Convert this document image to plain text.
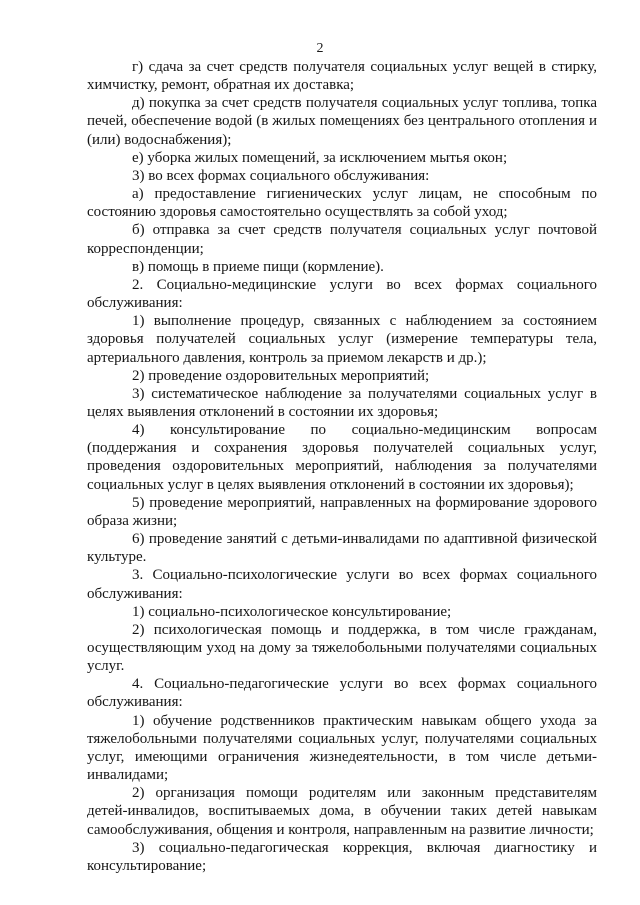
2

г) сдача за счет средств получателя социальных услуг вещей в стирку, химчистку, ремонт, обратная их доставка;

д) покупка за счет средств получателя социальных услуг топлива, топка печей, обеспечение водой (в жилых помещениях без центрального отопления и (или) водоснабжения);

е) уборка жилых помещений, за исключением мытья окон;

3) во всех формах социального обслуживания:

а) предоставление гигиенических услуг лицам, не способным по состоянию здоровья самостоятельно осуществлять за собой уход;

б) отправка за счет средств получателя социальных услуг почтовой корреспонденции;

в) помощь в приеме пищи (кормление).

2. Социально-медицинские услуги во всех формах социального обслуживания:

1) выполнение процедур, связанных с наблюдением за состоянием здоровья получателей социальных услуг (измерение температуры тела, артериального давления, контроль за приемом лекарств и др.);

2) проведение оздоровительных мероприятий;

3) систематическое наблюдение за получателями социальных услуг в целях выявления отклонений в состоянии их здоровья;

4) консультирование по социально-медицинским вопросам (поддержания и сохранения здоровья получателей социальных услуг, проведения оздоровительных мероприятий, наблюдения за получателями социальных услуг в целях выявления отклонений в состоянии их здоровья);

5) проведение мероприятий, направленных на формирование здорового образа жизни;

6) проведение занятий с детьми-инвалидами по адаптивной физической культуре.

3. Социально-психологические услуги во всех формах социального обслуживания:

1) социально-психологическое консультирование;

2) психологическая помощь и поддержка, в том числе гражданам, осуществляющим уход на дому за тяжелобольными получателями социальных услуг.

4. Социально-педагогические услуги во всех формах социального обслуживания:

1) обучение родственников практическим навыкам общего ухода за тяжелобольными получателями социальных услуг, получателями социальных услуг, имеющими ограничения жизнедеятельности, в том числе детьми-инвалидами;

2) организация помощи родителям или законным представителям детей-инвалидов, воспитываемых дома, в обучении таких детей навыкам самообслуживания, общения и контроля, направленным на развитие личности;

3) социально-педагогическая коррекция, включая диагностику и консультирование;
